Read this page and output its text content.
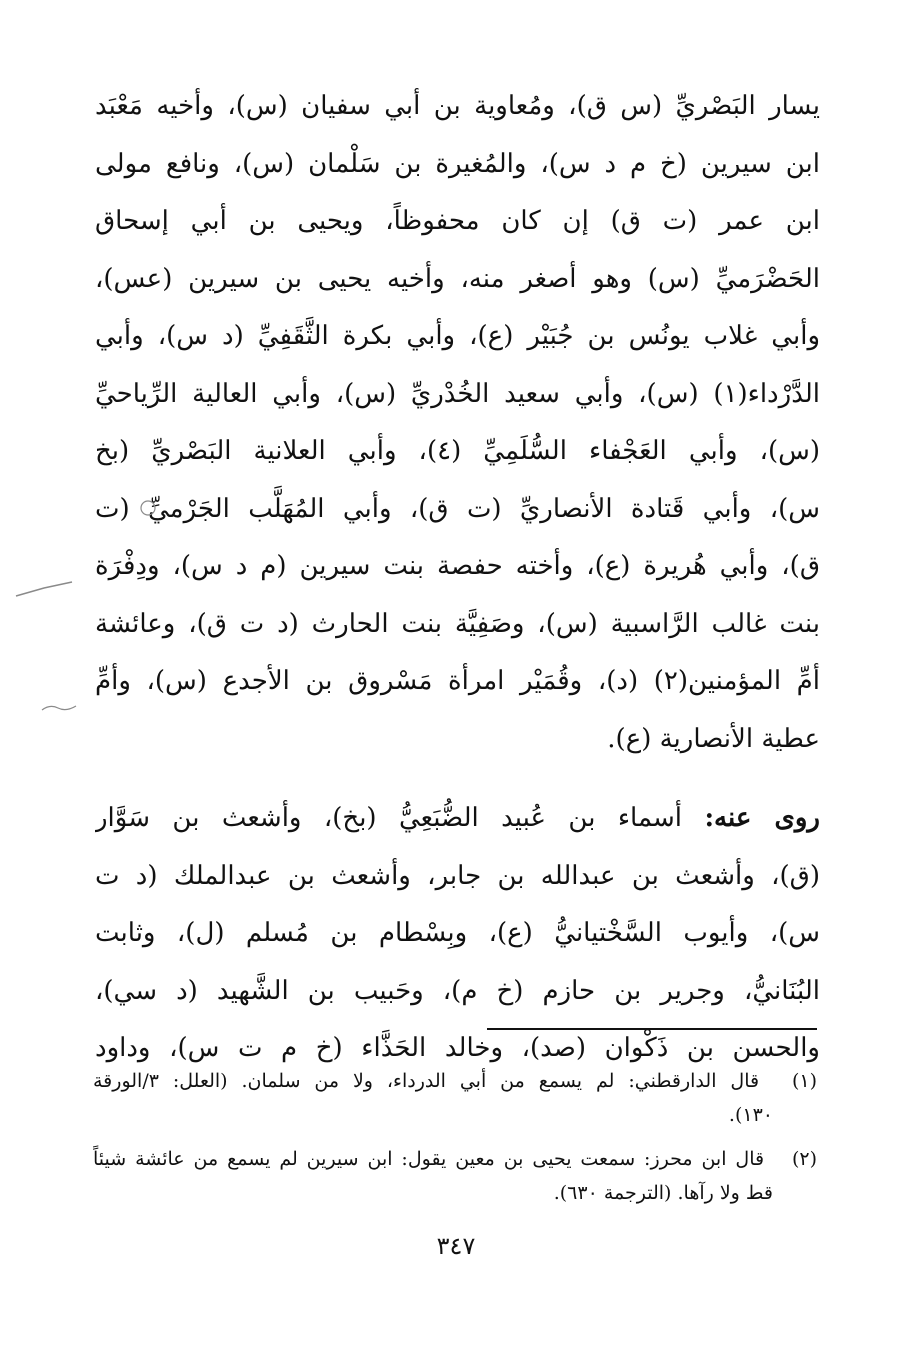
يسار البَصْريِّ (س ق)، ومُعاوية بن أبي سفيان (س)، وأخيه مَعْبَد
ابن سيرين (خ م د س)، والمُغيرة بن سَلْمان (س)، ونافع مولى
ابن عمر (ت ق) إن كان محفوظاً، ويحيى بن أبي إسحاق
الحَضْرَميِّ (س) وهو أصغر منه، وأخيه يحيى بن سيرين (عس)،
وأبي غلاب يونُس بن جُبَيْر (ع)، وأبي بكرة الثَّقَفِيِّ (د س)، وأبي
الدَّرْداء(١) (س)، وأبي سعيد الخُدْريِّ (س)، وأبي العالية الرِّياحيِّ
(س)، وأبي العَجْفاء السُّلَمِيِّ (٤)، وأبي العلانية البَصْريِّ (بخ
س)، وأبي قَتادة الأنصاريِّ (ت ق)، وأبي المُهَلَّب الجَرْميِّ (ت
ق)، وأبي هُريرة (ع)، وأخته حفصة بنت سيرين (م د س)، ودِفْرَة
بنت غالب الرَّاسبية (س)، وصَفِيَّة بنت الحارث (د ت ق)، وعائشة
أمِّ المؤمنين(٢) (د)، وقُمَيْر امرأة مَسْروق بن الأجدع (س)، وأمِّ
عطية الأنصارية (ع).
روى عنه: أسماء بن عُبيد الضُّبَعِيُّ (بخ)، وأشعث بن سَوَّار
(ق)، وأشعث بن عبدالله بن جابر، وأشعث بن عبدالملك (د ت
س)، وأيوب السَّخْتيانيُّ (ع)، وبِسْطام بن مُسلم (ل)، وثابت
البُنَانيُّ، وجرير بن حازم (خ م)، وحَبيب بن الشَّهيد (د سي)،
والحسن بن ذَكْوان (صد)، وخالد الحَذَّاء (خ م ت س)، وداود
(١) قال الدارقطني: لم يسمع من أبي الدرداء، ولا من سلمان. (العلل: ٣/الورقة
١٣٠).
(٢) قال ابن محرز: سمعت يحيى بن معين يقول: ابن سيرين لم يسمع من عائشة شيئاً
قط ولا رآها. (الترجمة ٦٣٠).
٣٤٧
